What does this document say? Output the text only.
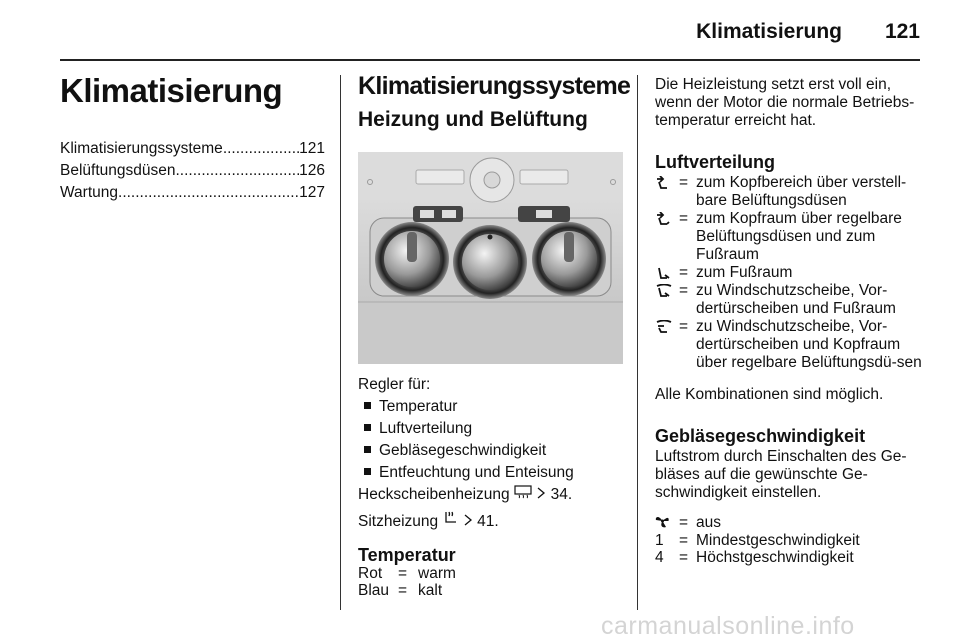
Klimatisierung 121
Klimatisierung
Klimatisierungssysteme .....	121
Belüftungsdüsen .....	126
Wartung .....	127
Klimatisierungssysteme
Heizung und Belüftung

Regler für:

Temperatur

Luftverteilung

Gebläsegeschwindigkeit

Entfeuchtung und Enteisung

Heckscheibenheizung	34.

Sitzheizung	41.

Temperatur
Rot	= warm
Blau = kalt

Die Heizleistung setzt erst voll ein, wenn der Motor die normale Betriebs-temperatur erreicht hat.

Luftverteilung
= zum Kopfbereich über verstell-bare Belüftungsdüsen
= zum Kopfraum über regelbare Belüftungsdüsen und zum Fußraum
= zum Fußraum
= zu Windschutzscheibe, Vor-dertürscheiben und Fußraum
= zu Windschutzscheibe, Vor-dertürscheiben und Kopfraum über regelbare Belüftungsdü-sen

Alle Kombinationen sind möglich.

Gebläsegeschwindigkeit

Luftstrom durch Einschalten des Ge-bläses auf die gewünschte Ge-schwindigkeit einstellen.

= aus
1 = Mindestgeschwindigkeit
4 = Höchstgeschwindigkeit
carmanualsonline.info
